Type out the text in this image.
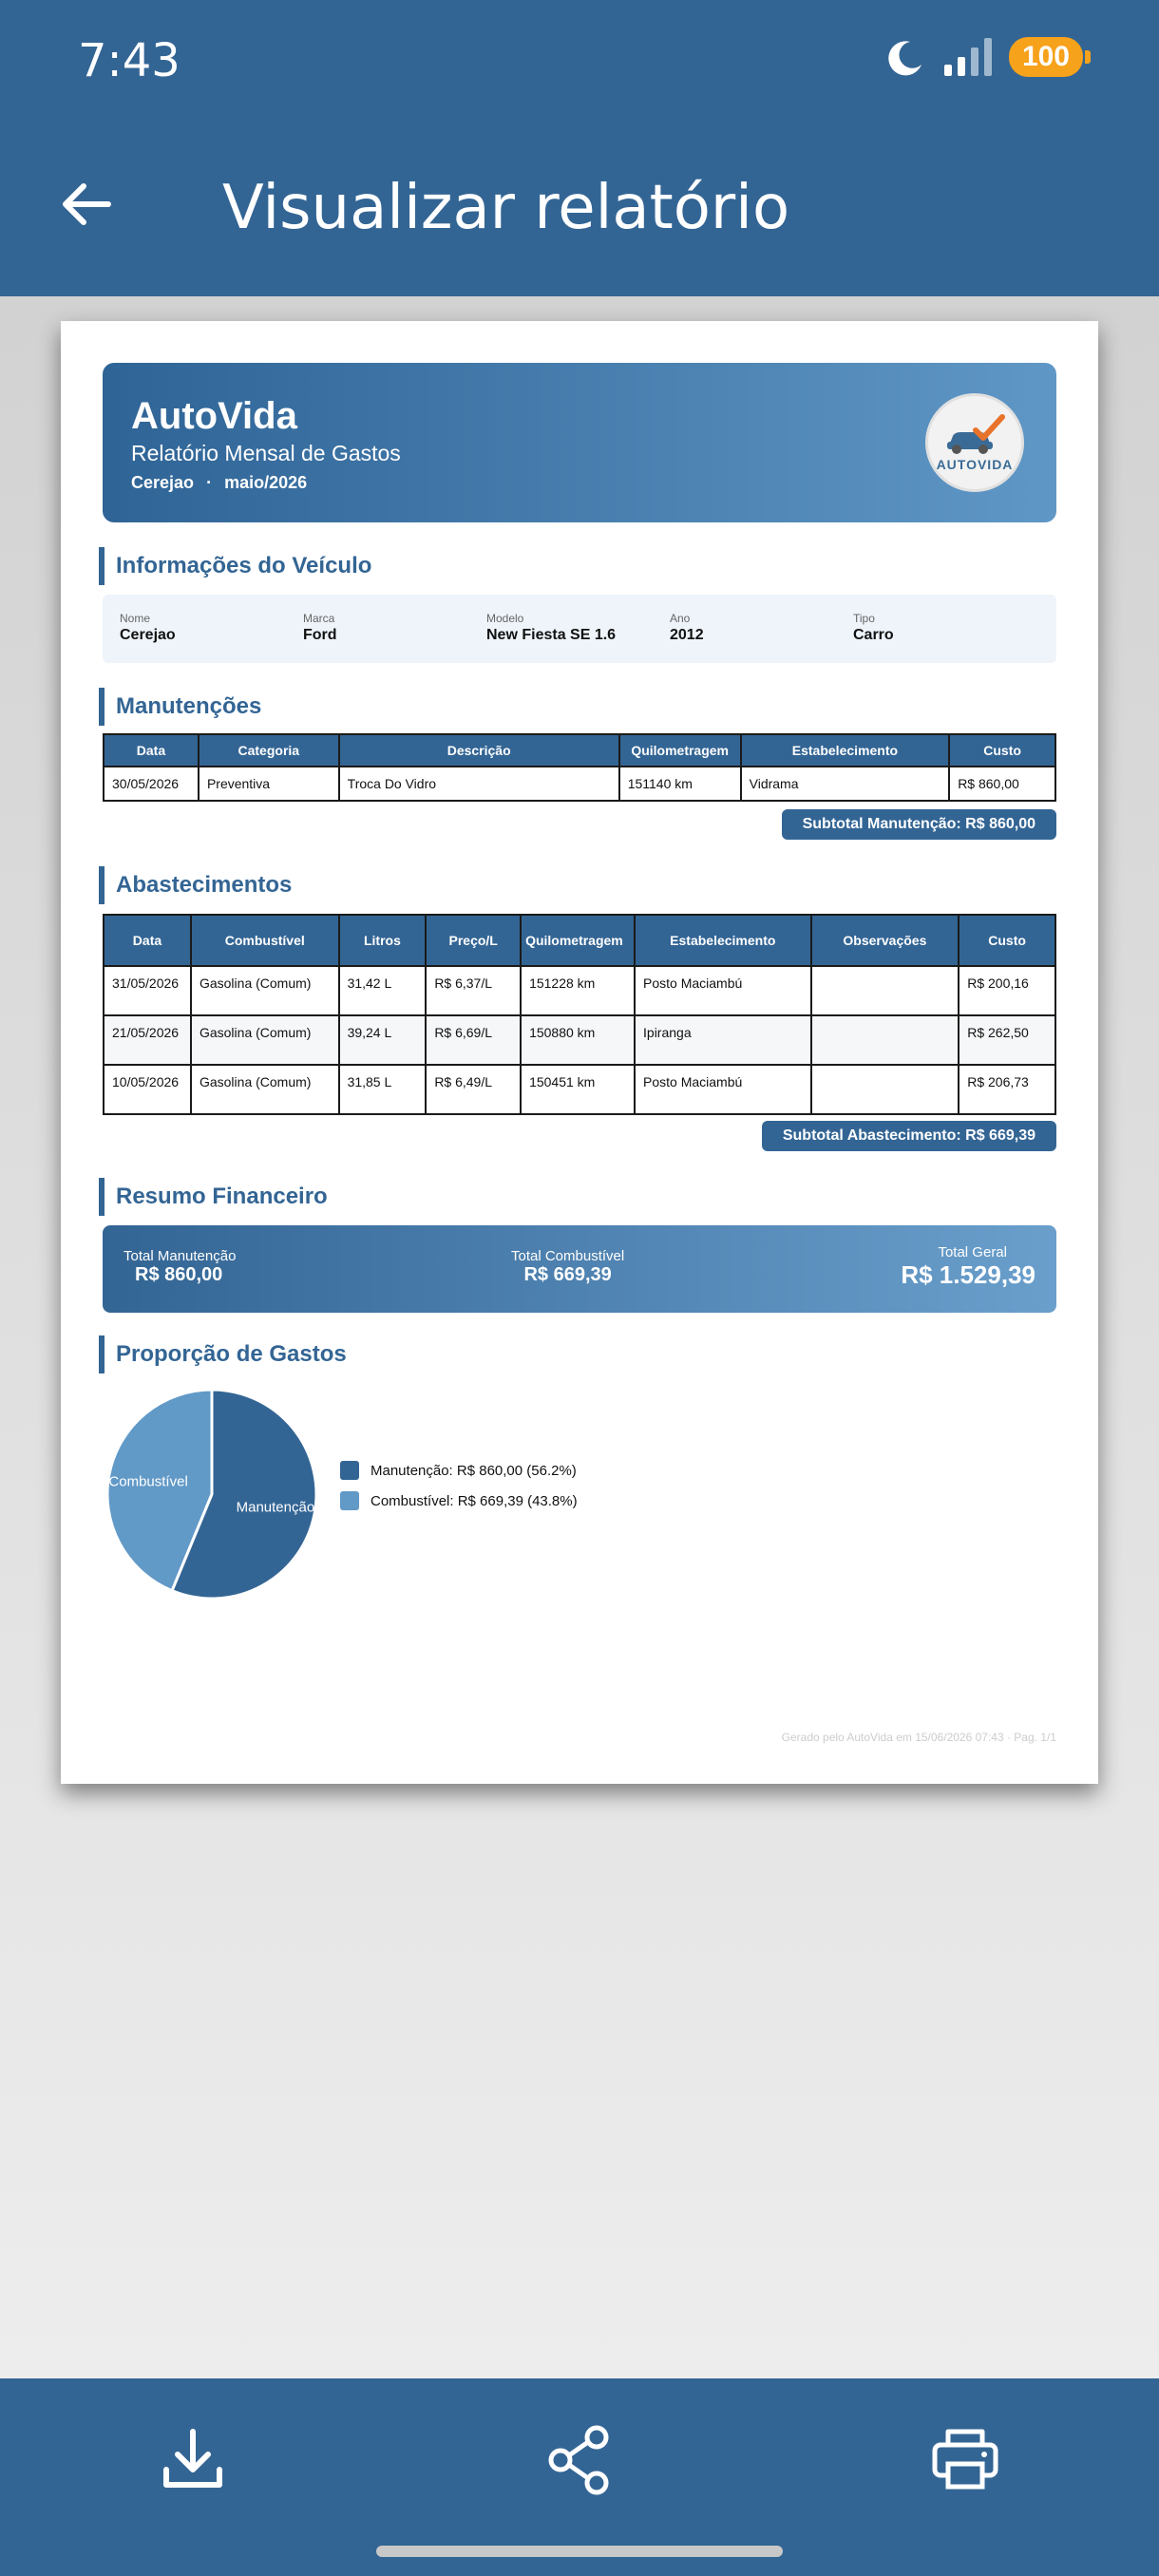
7:43	100
Visualizar relatório
AutoVida
Relatório Mensal de Gastos
Cerejao · maio/2026
AUTOVIDA
Informações do Veículo
Nome
Cerejao
Marca
Ford
Modelo
New Fiesta SE 1.6
Ano
2012
Tipo
Carro
Manutenções
Data	Categoria	Descrição	Quilometragem	Estabelecimento	Custo
30/05/2026	Preventiva	Troca Do Vidro	151140 km	Vidrama	R$ 860,00
Subtotal Manutenção: R$ 860,00
Abastecimentos
Data	Combustível	Litros	Preço/L	Quilometragem	Estabelecimento	Observações	Custo
31/05/2026	Gasolina (Comum)	31,42 L	R$ 6,37/L	151228 km	Posto Maciambú		R$ 200,16
21/05/2026	Gasolina (Comum)	39,24 L	R$ 6,69/L	150880 km	Ipiranga		R$ 262,50
10/05/2026	Gasolina (Comum)	31,85 L	R$ 6,49/L	150451 km	Posto Maciambú		R$ 206,73
Subtotal Abastecimento: R$ 669,39
Resumo Financeiro
Total Manutenção
R$ 860,00
Total Combustível
R$ 669,39
Total Geral
R$ 1.529,39
Proporção de Gastos
Manutenção
Combustível
Manutenção: R$ 860,00 (56.2%)
Combustível: R$ 669,39 (43.8%)
Gerado pelo AutoVida em 15/06/2026 07:43 · Pag. 1/1
